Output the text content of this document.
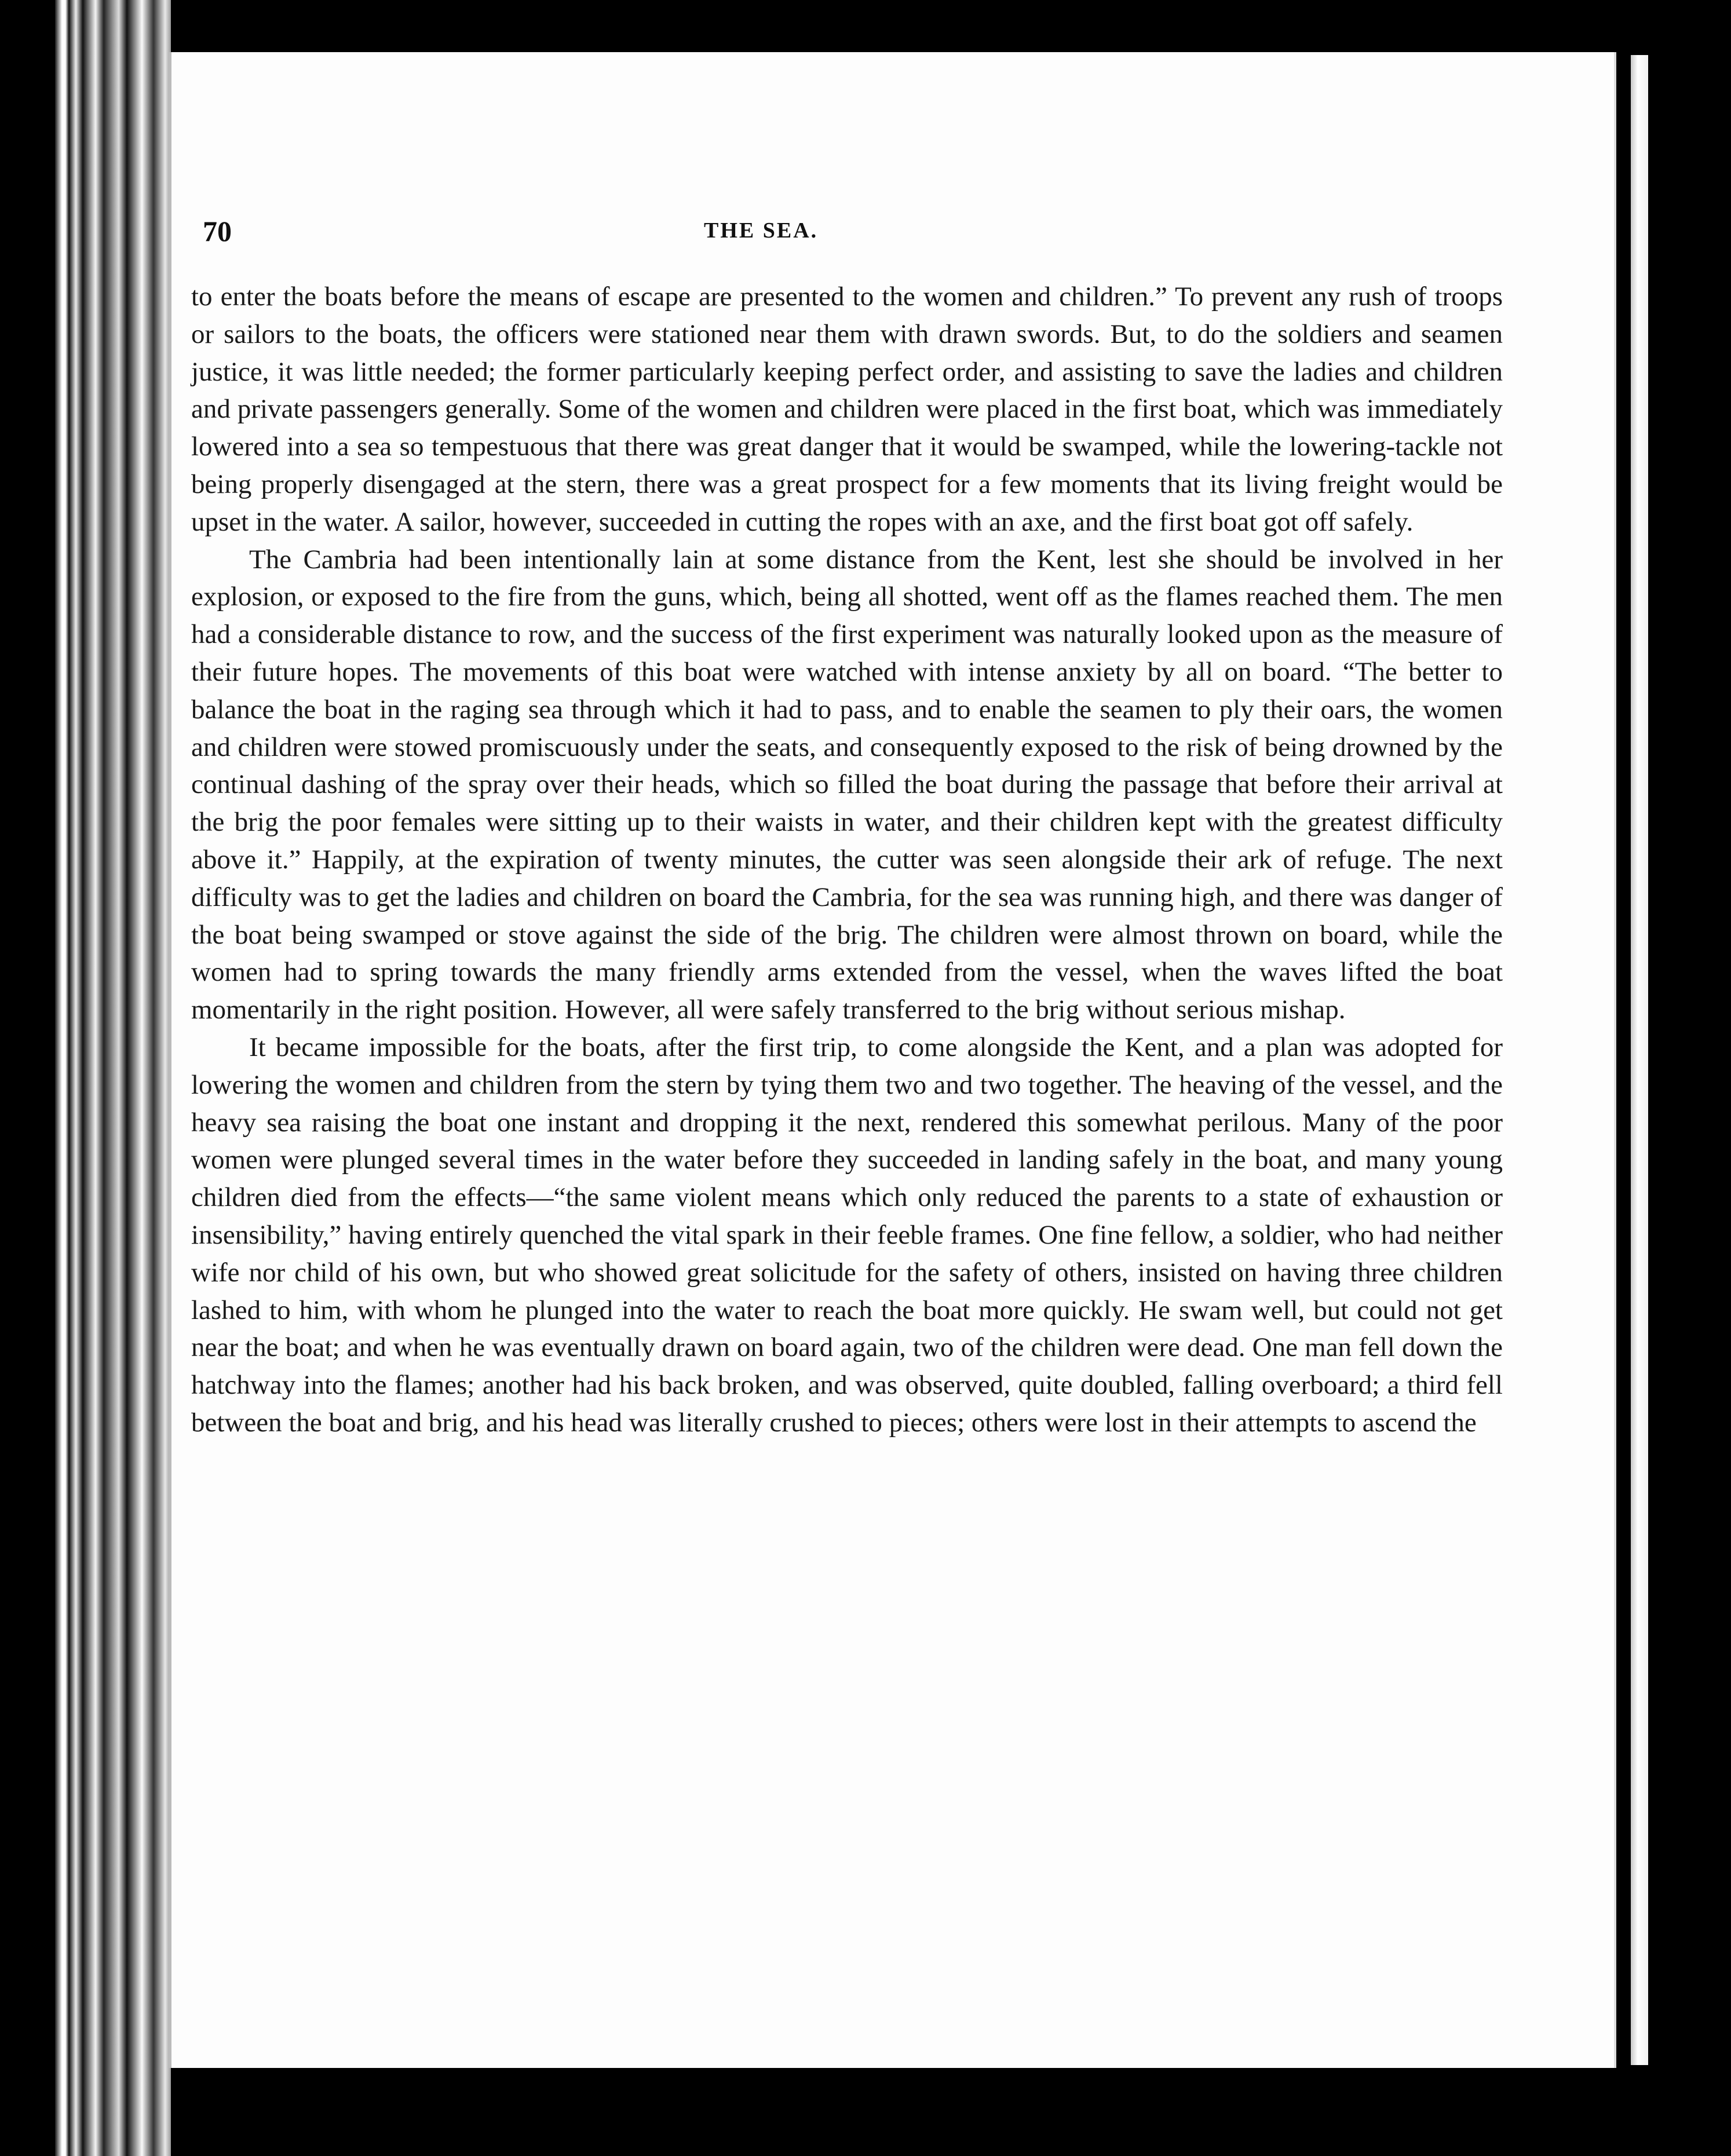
70	THE SEA.

to enter the boats before the means of escape are presented to the women and children.” To prevent any rush of troops or sailors to the boats, the officers were stationed near them with drawn swords. But, to do the soldiers and seamen justice, it was little needed; the former particularly keeping perfect order, and assisting to save the ladies and children and private passengers generally. Some of the women and children were placed in the first boat, which was immediately lowered into a sea so tempestuous that there was great danger that it would be swamped, while the lowering-tackle not being properly disengaged at the stern, there was a great prospect for a few moments that its living freight would be upset in the water. A sailor, however, succeeded in cutting the ropes with an axe, and the first boat got off safely.

The Cambria had been intentionally lain at some distance from the Kent, lest she should be involved in her explosion, or exposed to the fire from the guns, which, being all shotted, went off as the flames reached them. The men had a considerable distance to row, and the success of the first experiment was naturally looked upon as the measure of their future hopes. The movements of this boat were watched with intense anxiety by all on board. “The better to balance the boat in the raging sea through which it had to pass, and to enable the seamen to ply their oars, the women and children were stowed promiscuously under the seats, and consequently exposed to the risk of being drowned by the continual dashing of the spray over their heads, which so filled the boat during the passage that before their arrival at the brig the poor females were sitting up to their waists in water, and their children kept with the greatest difficulty above it.” Happily, at the expiration of twenty minutes, the cutter was seen alongside their ark of refuge. The next difficulty was to get the ladies and children on board the Cambria, for the sea was running high, and there was danger of the boat being swamped or stove against the side of the brig. The children were almost thrown on board, while the women had to spring towards the many friendly arms extended from the vessel, when the waves lifted the boat momentarily in the right position. However, all were safely transferred to the brig without serious mishap.

It became impossible for the boats, after the first trip, to come alongside the Kent, and a plan was adopted for lowering the women and children from the stern by tying them two and two together. The heaving of the vessel, and the heavy sea raising the boat one instant and dropping it the next, rendered this somewhat perilous. Many of the poor women were plunged several times in the water before they succeeded in landing safely in the boat, and many young children died from the effects—“the same violent means which only reduced the parents to a state of exhaustion or insensibility,” having entirely quenched the vital spark in their feeble frames. One fine fellow, a soldier, who had neither wife nor child of his own, but who showed great solicitude for the safety of others, insisted on having three children lashed to him, with whom he plunged into the water to reach the boat more quickly. He swam well, but could not get near the boat; and when he was eventually drawn on board again, two of the children were dead. One man fell down the hatchway into the flames; another had his back broken, and was observed, quite doubled, falling overboard; a third fell between the boat and brig, and his head was literally crushed to pieces; others were lost in their attempts to ascend the
